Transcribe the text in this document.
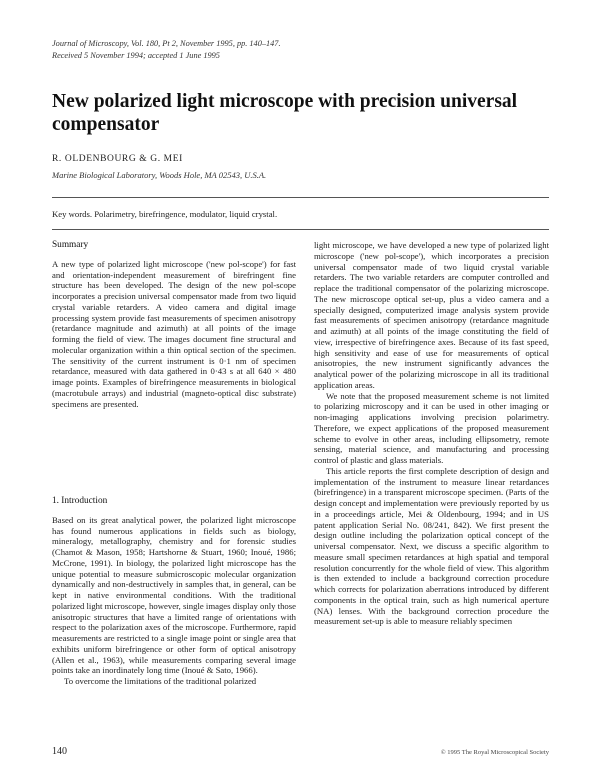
Journal of Microscopy, Vol. 180, Pt 2, November 1995, pp. 140–147.
Received 5 November 1994; accepted 1 June 1995
New polarized light microscope with precision universal compensator
R. OLDENBOURG & G. MEI
Marine Biological Laboratory, Woods Hole, MA 02543, U.S.A.
Key words. Polarimetry, birefringence, modulator, liquid crystal.
Summary

A new type of polarized light microscope ('new pol-scope') for fast and orientation-independent measurement of birefringent fine structure has been developed. The design of the new pol-scope incorporates a precision universal compensator made from two liquid crystal variable retarders. A video camera and digital image processing system provide fast measurements of specimen anisotropy (retardance magnitude and azimuth) at all points of the image forming the field of view. The images document fine structural and molecular organization within a thin optical section of the specimen. The sensitivity of the current instrument is 0·1 nm of specimen retardance, measured with data gathered in 0·43 s at all 640 × 480 image points. Examples of birefringence measurements in biological (macrotubule arrays) and industrial (magneto-optical disc substrate) specimens are presented.

1. Introduction

Based on its great analytical power, the polarized light microscope has found numerous applications in fields such as biology, mineralogy, metallography, chemistry and for forensic studies (Chamot & Mason, 1958; Hartshorne & Stuart, 1960; Inoué, 1986; McCrone, 1991). In biology, the polarized light microscope has the unique potential to measure submicroscopic molecular organization dynamically and non-destructively in samples that, in general, can be kept in native environmental conditions. With the traditional polarized light microscope, however, single images display only those anisotropic structures that have a limited range of orientations with respect to the polarization axes of the microscope. Furthermore, rapid measurements are restricted to a single image point or single area that exhibits uniform birefringence or other form of optical anisotropy (Allen et al., 1963), while measurements comparing several image points take an inordinately long time (Inoué & Sato, 1966).

To overcome the limitations of the traditional polarized

light microscope, we have developed a new type of polarized light microscope ('new pol-scope'), which incorporates a precision universal compensator made of two liquid crystal variable retarders. The two variable retarders are computer controlled and replace the traditional compensator of the polarizing microscope. The new microscope optical set-up, plus a video camera and a specially designed, computerized image analysis system provide fast measurements of specimen anisotropy (retardance magnitude and azimuth) at all points of the image constituting the field of view, irrespective of birefringence axes. Because of its fast speed, high sensitivity and ease of use for measurements of optical anisotropies, the new instrument significantly advances the analytical power of the polarizing microscope in all its traditional application areas.

We note that the proposed measurement scheme is not limited to polarizing microscopy and it can be used in other imaging or non-imaging applications involving precision polarimetry. Therefore, we expect applications of the proposed measurement scheme to evolve in other areas, including ellipsometry, remote sensing, material science, and manufacturing and processing control of plastic and glass materials.

This article reports the first complete description of design and implementation of the instrument to measure linear retardances (birefringence) in a transparent microscope specimen. (Parts of the design concept and implementation were previously reported by us in a proceedings article, Mei & Oldenbourg, 1994; and in US patent application Serial No. 08/241, 842). We first present the design outline including the polarization optical concept of the universal compensator. Next, we discuss a specific algorithm to measure small specimen retardances at high spatial and temporal resolution concurrently for the whole field of view. This algorithm is then extended to include a background correction procedure which corrects for polarization aberrations introduced by different components in the optical train, such as high numerical aperture (NA) lenses. With the background correction procedure the measurement set-up is able to measure reliably specimen

140	© 1995 The Royal Microscopical Society
